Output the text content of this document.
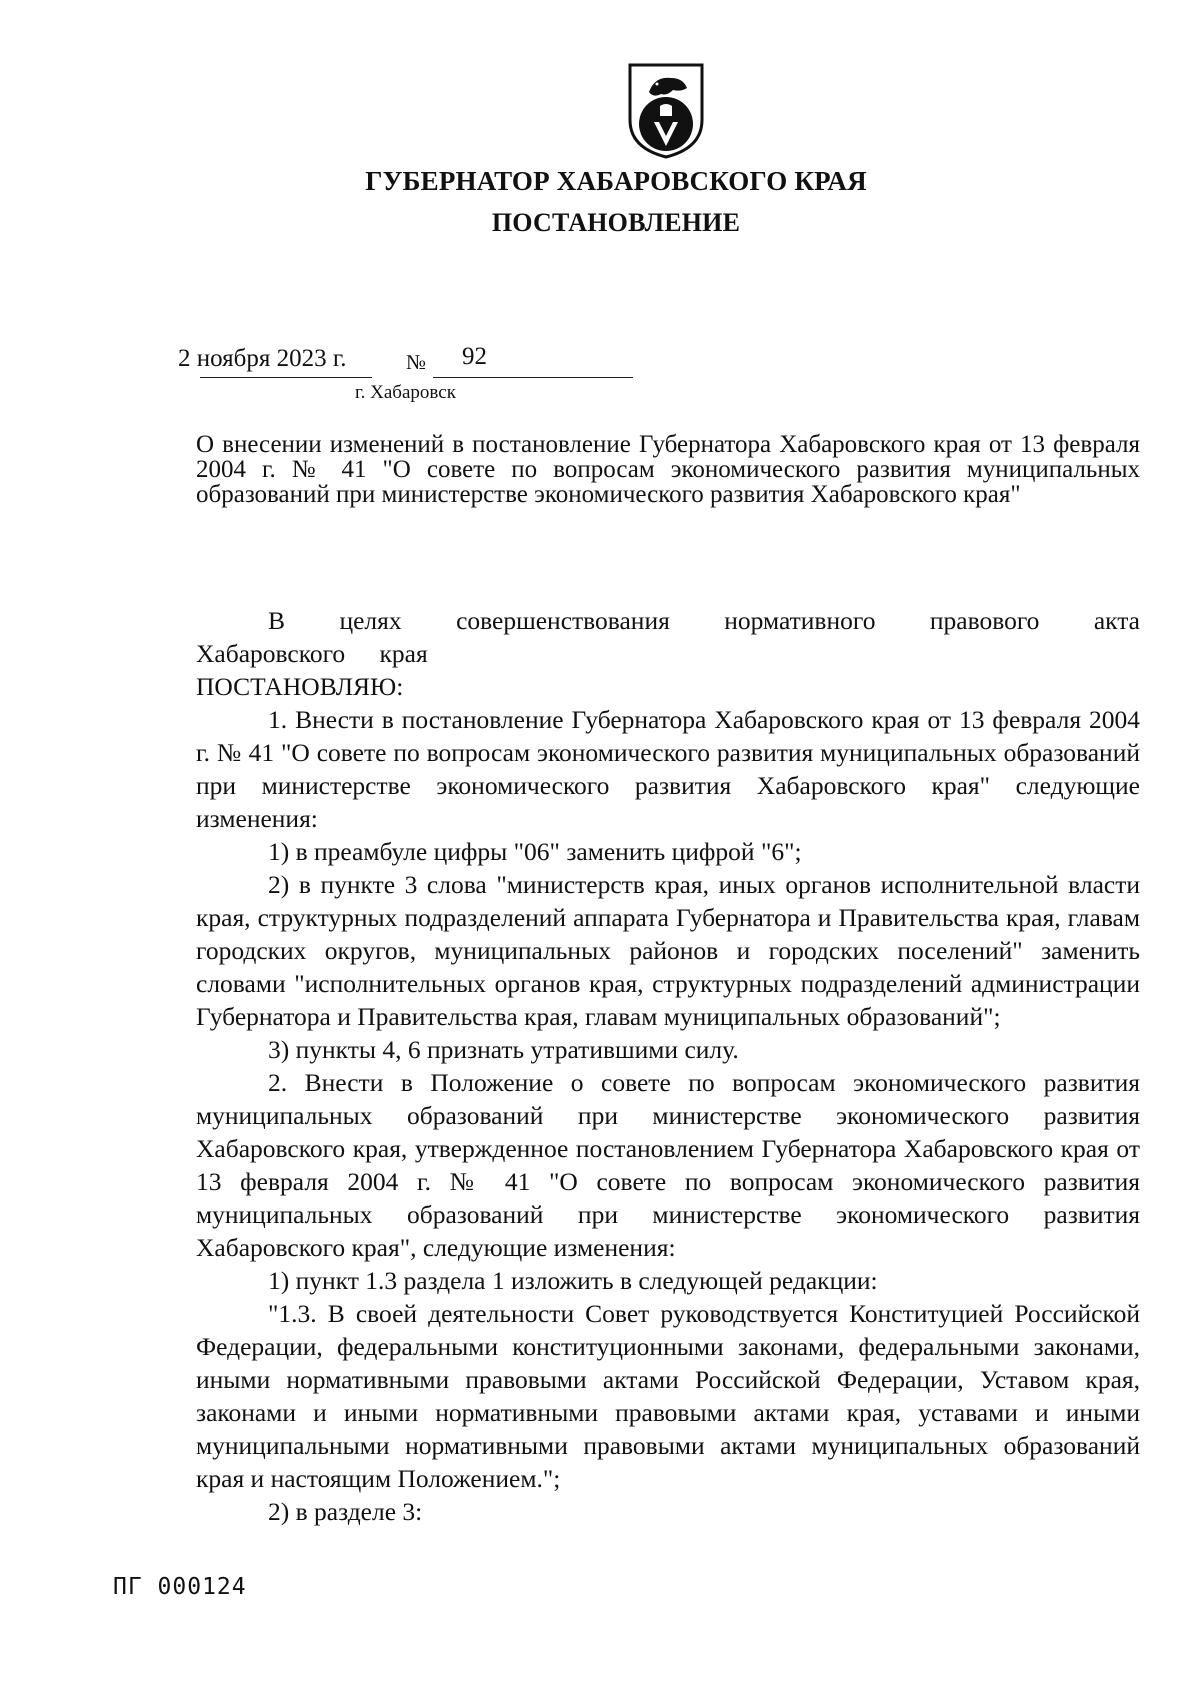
ГУБЕРНАТОР ХАБАРОВСКОГО КРАЯ
ПОСТАНОВЛЕНИЕ
2 ноября 2023 г.	№ 92
г. Хабаровск
О внесении изменений в постановление Губернатора Хабаровского края от 13 февраля 2004 г. № 41 "О совете по вопросам экономического развития муниципальных образований при министерстве экономического развития Хабаровского края"

В целях совершенствования нормативного правового акта Хабаровского края

ПОСТАНОВЛЯЮ:

1. Внести в постановление Губернатора Хабаровского края от 13 февраля 2004 г. № 41 "О совете по вопросам экономического развития муниципальных образований при министерстве экономического развития Хабаровского края" следующие изменения:

1) в преамбуле цифры "06" заменить цифрой "6";

2) в пункте 3 слова "министерств края, иных органов исполнительной власти края, структурных подразделений аппарата Губернатора и Правительства края, главам городских округов, муниципальных районов и городских поселений" заменить словами "исполнительных органов края, структурных подразделений администрации Губернатора и Правительства края, главам муниципальных образований";

3) пункты 4, 6 признать утратившими силу.

2. Внести в Положение о совете по вопросам экономического развития муниципальных образований при министерстве экономического развития Хабаровского края, утвержденное постановлением Губернатора Хабаровского края от 13 февраля 2004 г. № 41 "О совете по вопросам экономического развития муниципальных образований при министерстве экономического развития Хабаровского края", следующие изменения:

1) пункт 1.3 раздела 1 изложить в следующей редакции:

"1.3. В своей деятельности Совет руководствуется Конституцией Российской Федерации, федеральными конституционными законами, федеральными законами, иными нормативными правовыми актами Российской Федерации, Уставом края, законами и иными нормативными правовыми актами края, уставами и иными муниципальными нормативными правовыми актами муниципальных образований края и настоящим Положением.";

2) в разделе 3:

ПГ 000124
